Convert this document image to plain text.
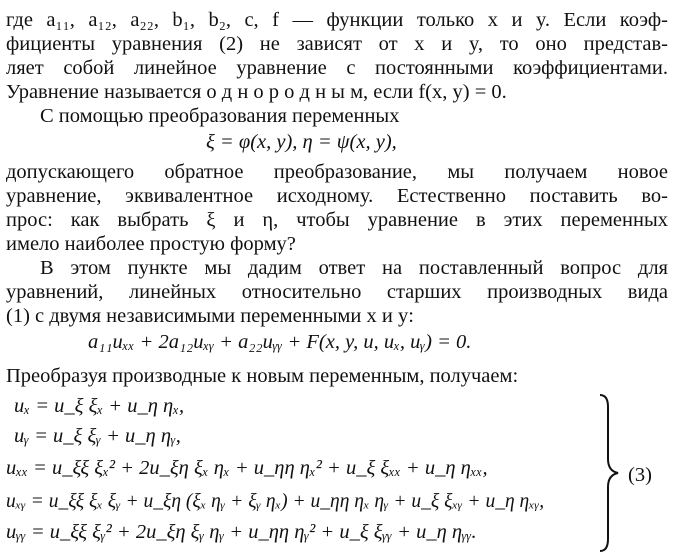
где a₁₁, a₁₂, a₂₂, b₁, b₂, c, f — функции только x и y. Если коэф-
фициенты уравнения (2) не зависят от x и y, то оно представ-
ляет собой линейное уравнение с постоянными коэффициентами.
Уравнение называется о д н о р о д н ы м, если f(x, y) = 0.
С помощью преобразования переменных
ξ = φ(x, y), η = ψ(x, y),
допускающего обратное преобразование, мы получаем новое
уравнение, эквивалентное исходному. Естественно поставить во-
прос: как выбрать ξ и η, чтобы уравнение в этих переменных
имело наиболее простую форму?
В этом пункте мы дадим ответ на поставленный вопрос для
уравнений, линейных относительно старших производных вида
(1) с двумя независимыми переменными x и y:
a₁₁uₓₓ + 2a₁₂uₓᵧ + a₂₂uᵧᵧ + F(x, y, u, uₓ, uᵧ) = 0.
Преобразуя производные к новым переменным, получаем:
uₓ = u_ξ ξₓ + u_η ηₓ,
uᵧ = u_ξ ξᵧ + u_η ηᵧ,
uₓₓ = u_ξξ ξₓ² + 2u_ξη ξₓ ηₓ + u_ηη ηₓ² + u_ξ ξₓₓ + u_η ηₓₓ,
uₓᵧ = u_ξξ ξₓ ξᵧ + u_ξη (ξₓ ηᵧ + ξᵧ ηₓ) + u_ηη ηₓ ηᵧ + u_ξ ξₓᵧ + u_η ηₓᵧ,
uᵧᵧ = u_ξξ ξᵧ² + 2u_ξη ξᵧ ηᵧ + u_ηη ηᵧ² + u_ξ ξᵧᵧ + u_η ηᵧᵧ.
(3)
